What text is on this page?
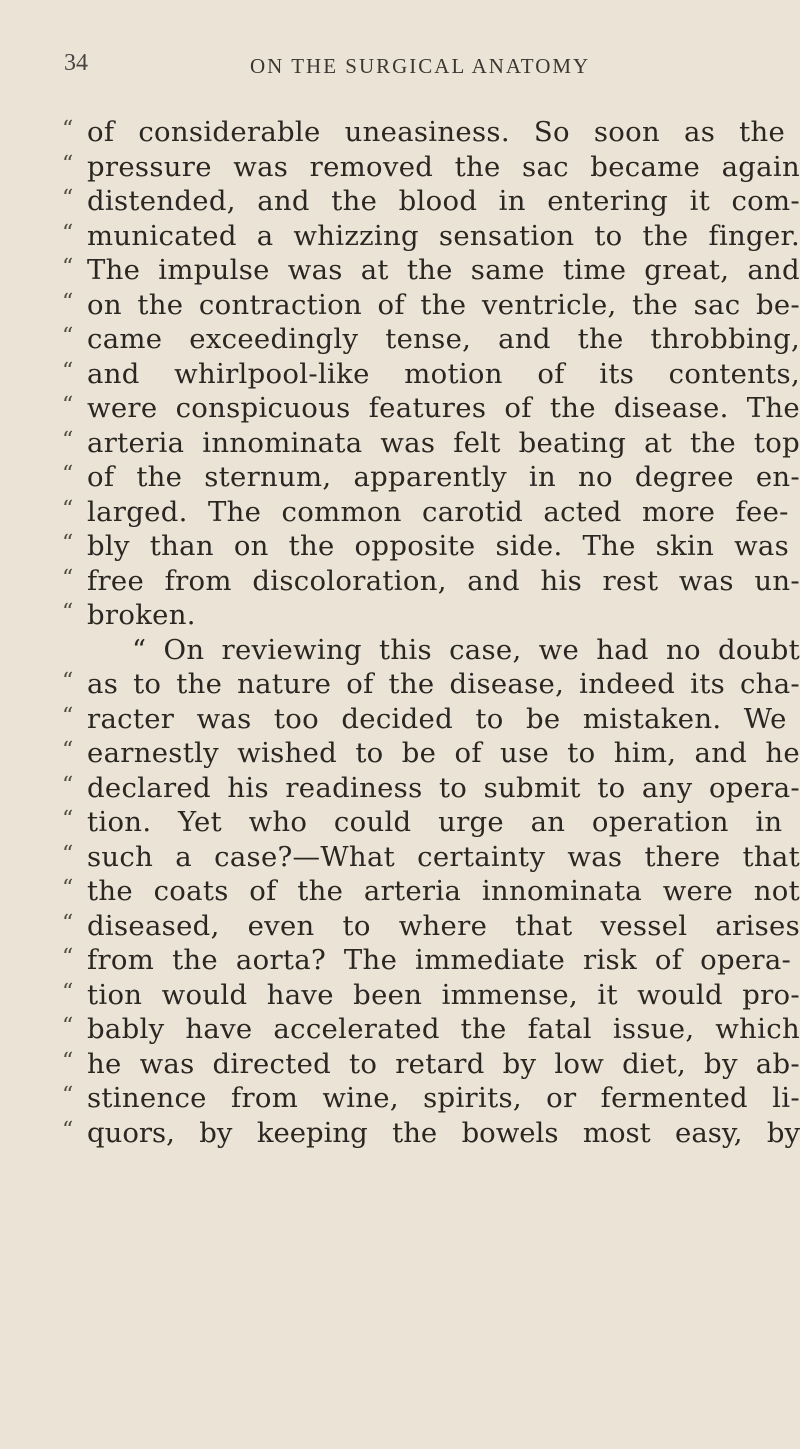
34	ON THE SURGICAL ANATOMY
“ of considerable uneasiness. So soon as the
“ pressure was removed the sac became again
“ distended, and the blood in entering it com-
“ municated a whizzing sensation to the finger.
“ The impulse was at the same time great, and
“ on the contraction of the ventricle, the sac be-
“ came exceedingly tense, and the throbbing,
“ and whirlpool-like motion of its contents,
“ were conspicuous features of the disease. The
“ arteria innominata was felt beating at the top
“ of the sternum, apparently in no degree en-
“ larged. The common carotid acted more fee-
“ bly than on the opposite side. The skin was
“ free from discoloration, and his rest was un-
“ broken.
“ On reviewing this case, we had no doubt
“ as to the nature of the disease, indeed its cha-
“ racter was too decided to be mistaken. We
“ earnestly wished to be of use to him, and he
“ declared his readiness to submit to any opera-
“ tion. Yet who could urge an operation in
“ such a case?—What certainty was there that
“ the coats of the arteria innominata were not
“ diseased, even to where that vessel arises
“ from the aorta? The immediate risk of opera-
“ tion would have been immense, it would pro-
“ bably have accelerated the fatal issue, which
“ he was directed to retard by low diet, by ab-
“ stinence from wine, spirits, or fermented li-
“ quors, by keeping the bowels most easy, by
